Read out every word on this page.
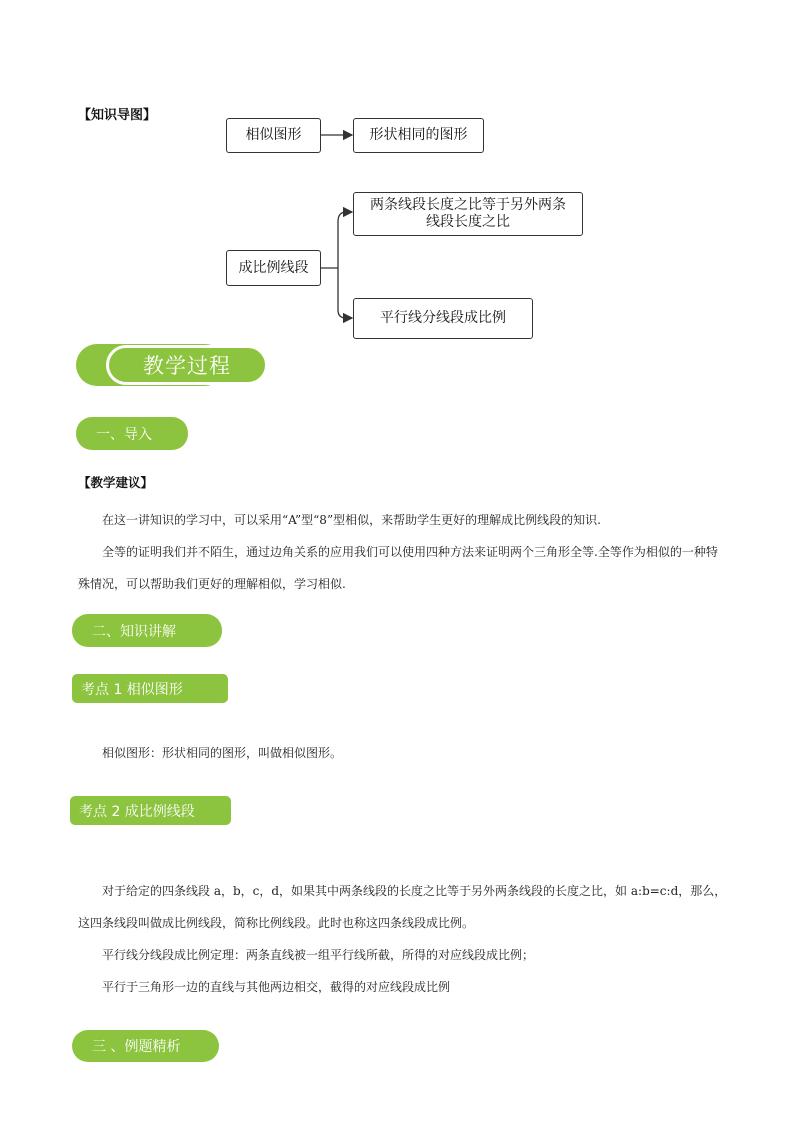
【知识导图】
相似图形	形状相同的图形
成比例线段
两条线段长度之比等于另外两条
线段长度之比
平行线分线段成比例
教学过程
一、导入
【教学建议】
在这一讲知识的学习中，可以采用“A”型“8”型相似，来帮助学生更好的理解成比例线段的知识.
全等的证明我们并不陌生，通过边角关系的应用我们可以使用四种方法来证明两个三角形全等.全等作为相似的一种特殊情况，可以帮助我们更好的理解相似，学习相似.
二、知识讲解
考点 1 相似图形
相似图形：形状相同的图形，叫做相似图形。
考点 2 成比例线段
对于给定的四条线段 a，b，c，d，如果其中两条线段的长度之比等于另外两条线段的长度之比，如 a:b=c:d，那么，这四条线段叫做成比例线段，简称比例线段。此时也称这四条线段成比例。
平行线分线段成比例定理：两条直线被一组平行线所截，所得的对应线段成比例；
平行于三角形一边的直线与其他两边相交，截得的对应线段成比例
三 、例题精析
